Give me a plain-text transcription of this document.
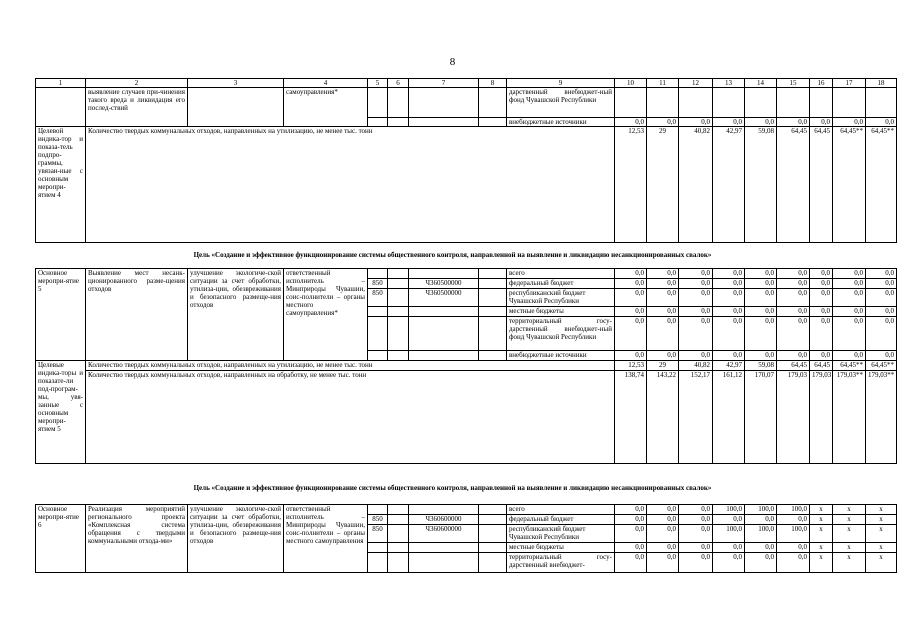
8
1	2	3	4	5	6	7	8	9	10	11	12	13	14	15	16	17	18
	выявление случаев при-чинения такого вреда и ликвидация его послед-ствий		самоуправления*					дарственный внебюджет-ный фонд Чувашской Республики									
								внебюджетные источники	0,0	0,0	0,0	0,0	0,0	0,0	0,0	0,0	0,0
Целевой индика-тор и показа-тель подпро-граммы, увязан-ные с основным меропри-ятием 4	Количество твердых коммунальных отходов, направленных на утилизацию, не менее тыс. тонн								12,53	29	40,82	42,97	59,08	64,45	64,45	64,45**	64,45**
Цель «Создание и эффективное функционирование системы общественного контроля, направленной на выявление и ликвидацию несанкционированных свалок»
Основное меропри-ятие 5	Выявление мест несанк-ционированного разме-щения отходов	улучшение экологиче-ской ситуации за счет обработки, утилиза-ции, обезвреживания и безопасного размеще-ния отходов	ответственный исполнитель – Минприроды Чувашии, соис-полнители – органы местного самоуправления*					всего	0,0	0,0	0,0	0,0	0,0	0,0	0,0	0,0	0,0
				850		Ч360500000		федеральный бюджет	0,0	0,0	0,0	0,0	0,0	0,0	0,0	0,0	0,0
				850		Ч360500000		республиканский бюджет Чувашской Республики	0,0	0,0	0,0	0,0	0,0	0,0	0,0	0,0	0,0
								местные бюджеты	0,0	0,0	0,0	0,0	0,0	0,0	0,0	0,0	0,0
								территориальный госу-дарственный внебюджет-ный фонд Чувашской Республики	0,0	0,0	0,0	0,0	0,0	0,0	0,0	0,0	0,0
								внебюджетные источники	0,0	0,0	0,0	0,0	0,0	0,0	0,0	0,0	0,0
Целевые индика-торы и показате-ли под-програм-мы, увя-занные с основным меропри-ятием 5	Количество твердых коммунальных отходов, направленных на утилизацию, не менее тыс. тонн								12,53	29	40,82	42,97	59,08	64,45	64,45	64,45**	64,45**
	Количество твердых коммунальных отходов, направленных на обработку, не менее тыс. тонн								138,74	143,22	152,17	161,12	170,07	179,03	179,03	179,03**	179,03**
Цель «Создание и эффективное функционирование системы общественного контроля, направленной на выявление и ликвидацию несанкционированных свалок»
Основное меропри-ятие 6	Реализация мероприятий регионального проекта «Комплексная система обращения с твердыми коммунальными отхода-ми»	улучшение экологиче-ской ситуации за счет обработки, утилиза-ции, обезвреживания и безопасного размеще-ния отходов	ответственный исполнитель – Минприроды Чувашии, соис-полнители – органы местного самоуправления					всего	0,0	0,0	0,0	100,0	100,0	100,0	x	x	x
				850		Ч360600000		федеральный бюджет	0,0	0,0	0,0	0,0	0,0	0,0	x	x	x
				850		Ч360600000		республиканский бюджет Чувашской Республики	0,0	0,0	0,0	100,0	100,0	100,0	x	x	x
								местные бюджеты	0,0	0,0	0,0	0,0	0,0	0,0	x	x	x
								территориальный госу-дарственный внебюджет-	0,0	0,0	0,0	0,0	0,0	0,0	x	x	x
